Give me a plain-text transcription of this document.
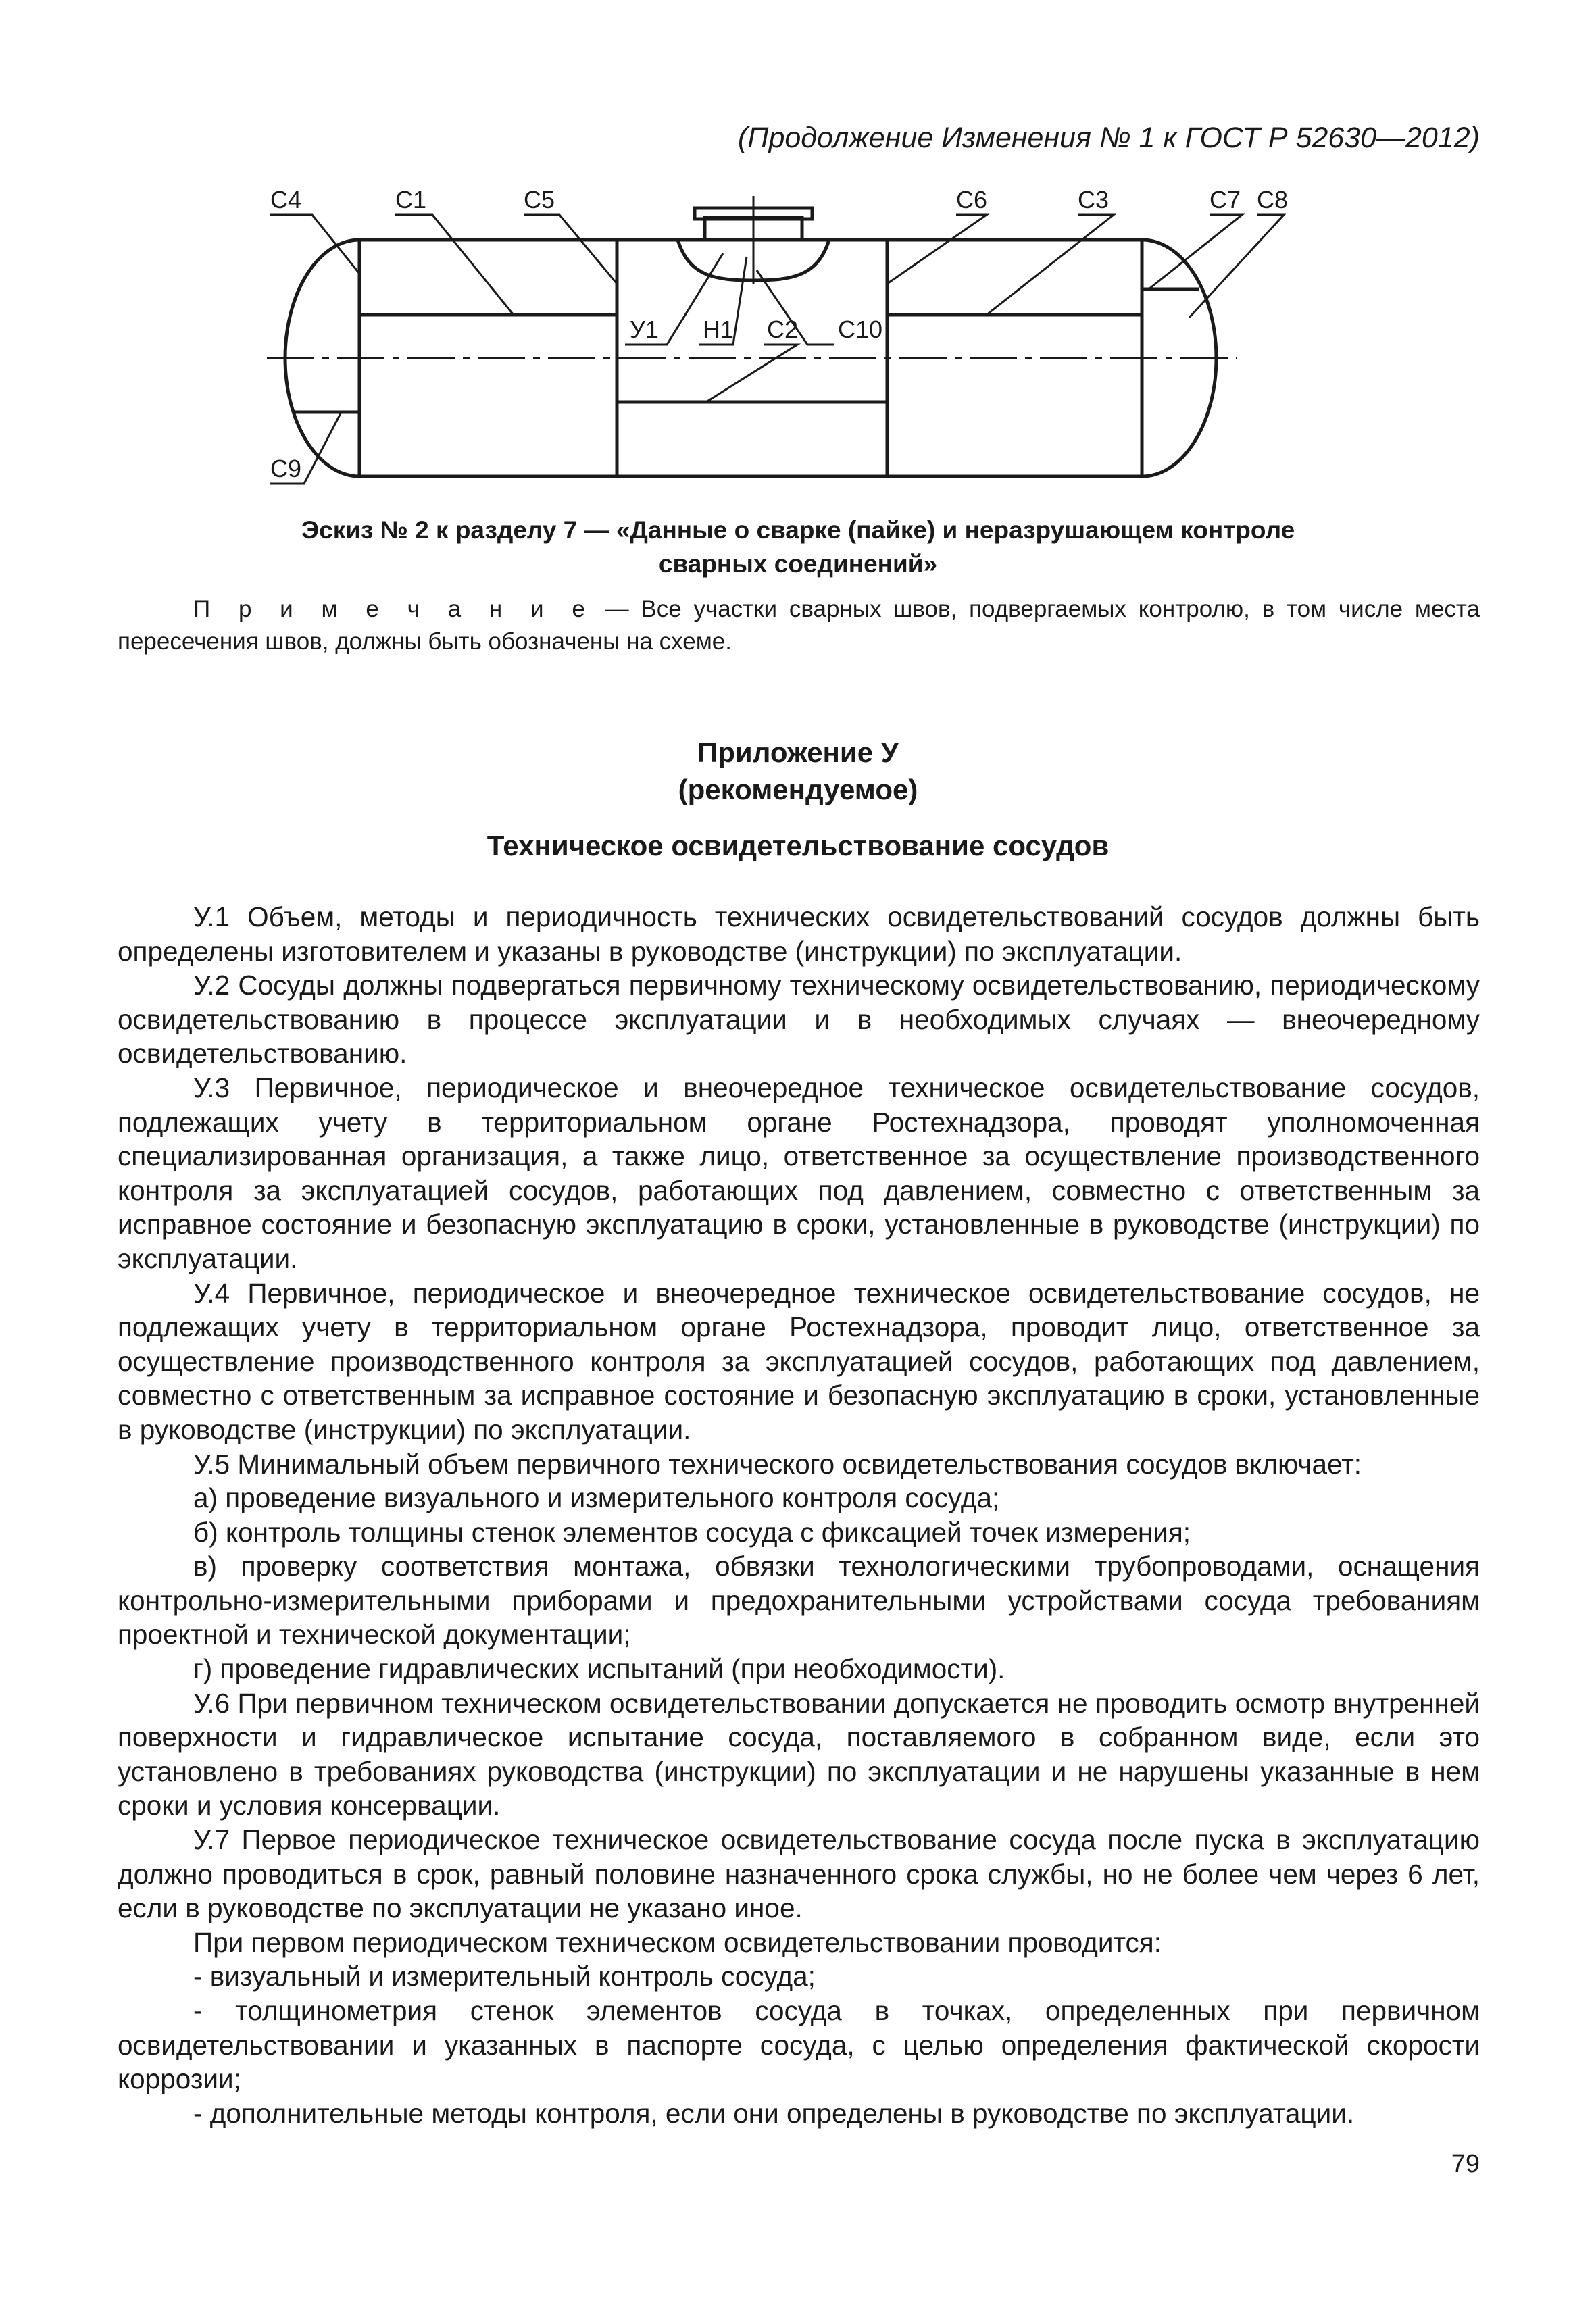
(Продолжение Изменения № 1 к ГОСТ Р 52630—2012)
С4	С1	С5	С6	С3	С7 С8
У1 Н1 С2 С10
С9
Эскиз № 2 к разделу 7 — «Данные о сварке (пайке) и неразрушающем контроле
сварных соединений»
П р и м е ч а н и е — Все участки сварных швов, подвергаемых контролю, в том числе места пересечения швов, должны быть обозначены на схеме.
Приложение У
(рекомендуемое)
Техническое освидетельствование сосудов

У.1 Объем, методы и периодичность технических освидетельствований сосудов должны быть определены изготовителем и указаны в руководстве (инструкции) по эксплуатации.

У.2 Сосуды должны подвергаться первичному техническому освидетельствованию, периодическому освидетельствованию в процессе эксплуатации и в необходимых случаях — внеочередному освидетельствованию.

У.3 Первичное, периодическое и внеочередное техническое освидетельствование сосудов, подлежащих учету в территориальном органе Ростехнадзора, проводят уполномоченная специализированная организация, а также лицо, ответственное за осуществление производственного контроля за эксплуатацией сосудов, работающих под давлением, совместно с ответственным за исправное состояние и безопасную эксплуатацию в сроки, установленные в руководстве (инструкции) по эксплуатации.

У.4 Первичное, периодическое и внеочередное техническое освидетельствование сосудов, не подлежащих учету в территориальном органе Ростехнадзора, проводит лицо, ответственное за осуществление производственного контроля за эксплуатацией сосудов, работающих под давлением, совместно с ответственным за исправное состояние и безопасную эксплуатацию в сроки, установленные в руководстве (инструкции) по эксплуатации.

У.5 Минимальный объем первичного технического освидетельствования сосудов включает:

а) проведение визуального и измерительного контроля сосуда;

б) контроль толщины стенок элементов сосуда с фиксацией точек измерения;

в) проверку соответствия монтажа, обвязки технологическими трубопроводами, оснащения контрольно-измерительными приборами и предохранительными устройствами сосуда требованиям проектной и технической документации;

г) проведение гидравлических испытаний (при необходимости).

У.6 При первичном техническом освидетельствовании допускается не проводить осмотр внутренней поверхности и гидравлическое испытание сосуда, поставляемого в собранном виде, если это установлено в требованиях руководства (инструкции) по эксплуатации и не нарушены указанные в нем сроки и условия консервации.

У.7 Первое периодическое техническое освидетельствование сосуда после пуска в эксплуатацию должно проводиться в срок, равный половине назначенного срока службы, но не более чем через 6 лет, если в руководстве по эксплуатации не указано иное.

При первом периодическом техническом освидетельствовании проводится:

- визуальный и измерительный контроль сосуда;

- толщинометрия стенок элементов сосуда в точках, определенных при первичном освидетельствовании и указанных в паспорте сосуда, с целью определения фактической скорости коррозии;

- дополнительные методы контроля, если они определены в руководстве по эксплуатации.

79
